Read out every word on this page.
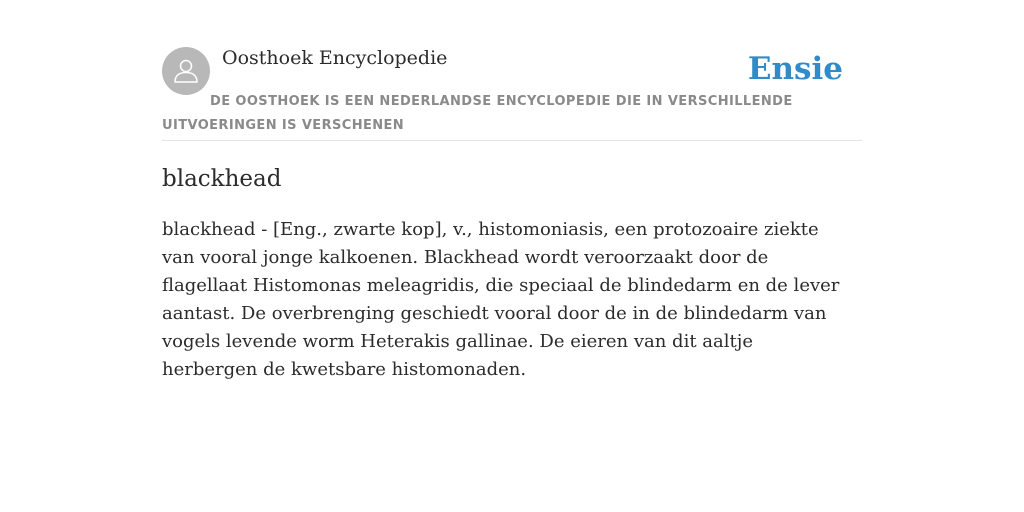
Oosthoek Encyclopedie	Ensie
DE OOSTHOEK IS EEN NEDERLANDSE ENCYCLOPEDIE DIE IN VERSCHILLENDE UITVOERINGEN IS VERSCHENEN
blackhead

blackhead - [Eng., zwarte kop], v., histomoniasis, een protozoaire ziekte van vooral jonge kalkoenen. Blackhead wordt veroorzaakt door de flagellaat Histomonas meleagridis, die speciaal de blindedarm en de lever aantast. De overbrenging geschiedt vooral door de in de blindedarm van vogels levende worm Heterakis gallinae. De eieren van dit aaltje herbergen de kwetsbare histomonaden.
